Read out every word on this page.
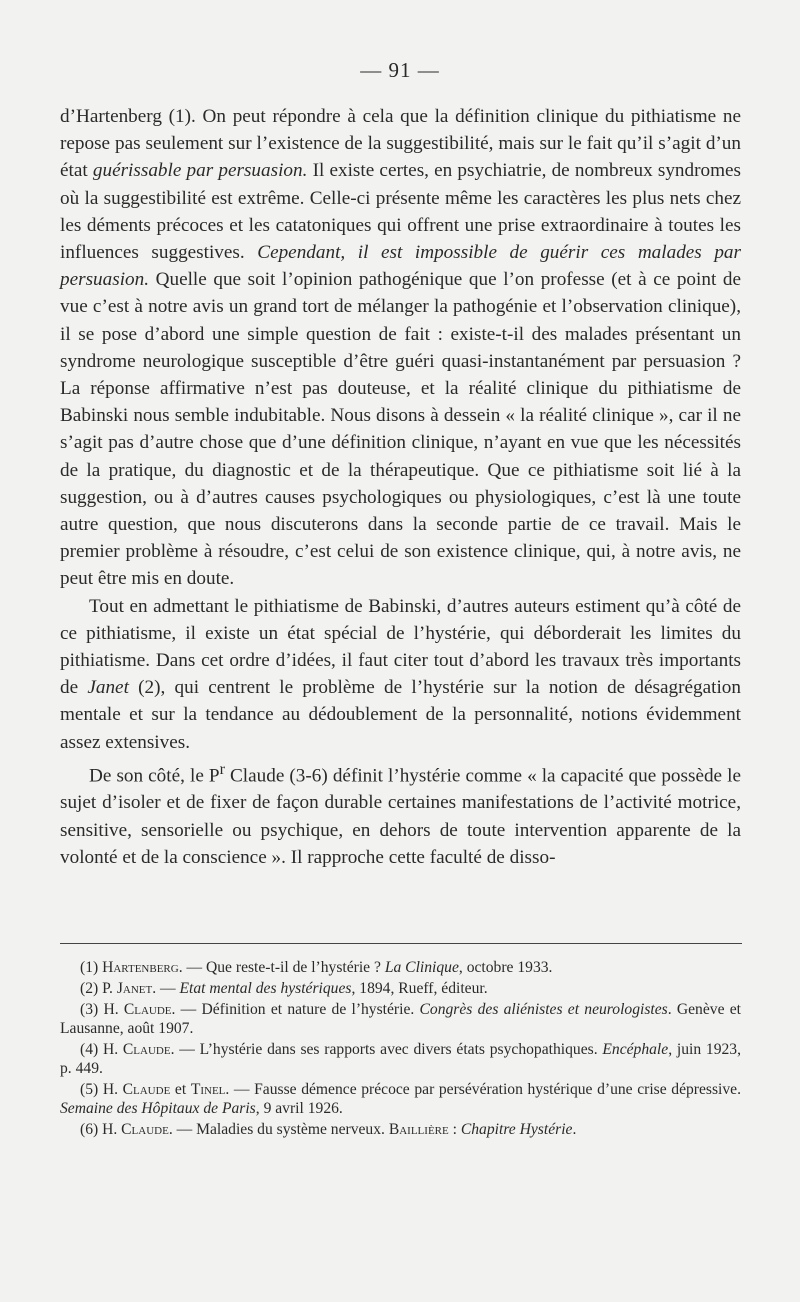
— 91 —

d’Hartenberg (1). On peut répondre à cela que la définition clinique du pithiatisme ne repose pas seulement sur l’existence de la suggestibilité, mais sur le fait qu’il s’agit d’un état guérissable par persuasion. Il existe certes, en psychiatrie, de nombreux syndromes où la suggestibilité est extrême. Celle-ci présente même les caractères les plus nets chez les déments précoces et les catatoniques qui offrent une prise extraordinaire à toutes les influences suggestives. Cependant, il est impossible de guérir ces malades par persuasion. Quelle que soit l’opinion pathogénique que l’on professe (et à ce point de vue c’est à notre avis un grand tort de mélanger la pathogénie et l’observation clinique), il se pose d’abord une simple question de fait : existe-t-il des malades présentant un syndrome neurologique susceptible d’être guéri quasi-instantanément par persuasion ? La réponse affirmative n’est pas douteuse, et la réalité clinique du pithiatisme de Babinski nous semble indubitable. Nous disons à dessein « la réalité clinique », car il ne s’agit pas d’autre chose que d’une définition clinique, n’ayant en vue que les nécessités de la pratique, du diagnostic et de la thérapeutique. Que ce pithiatisme soit lié à la suggestion, ou à d’autres causes psychologiques ou physiologiques, c’est là une toute autre question, que nous discuterons dans la seconde partie de ce travail. Mais le premier problème à résoudre, c’est celui de son existence clinique, qui, à notre avis, ne peut être mis en doute.

Tout en admettant le pithiatisme de Babinski, d’autres auteurs estiment qu’à côté de ce pithiatisme, il existe un état spécial de l’hystérie, qui déborderait les limites du pithiatisme. Dans cet ordre d’idées, il faut citer tout d’abord les travaux très importants de Janet (2), qui centrent le problème de l’hystérie sur la notion de désagrégation mentale et sur la tendance au dédoublement de la personnalité, notions évidemment assez extensives.

De son côté, le $P^r$ Claude (3-6) définit l’hystérie comme « la capacité que possède le sujet d’isoler et de fixer de façon durable certaines manifestations de l’activité motrice, sensitive, sensorielle ou psychique, en dehors de toute intervention apparente de la volonté et de la conscience ». Il rapproche cette faculté de disso-

(1) Hartenberg. — Que reste-t-il de l’hystérie ? La Clinique, octobre 1933.

(2) P. Janet. — Etat mental des hystériques, 1894, Rueff, éditeur.

(3) H. Claude. — Définition et nature de l’hystérie. Congrès des aliénistes et neurologistes. Genève et Lausanne, août 1907.

(4) H. Claude. — L’hystérie dans ses rapports avec divers états psychopathiques. Encéphale, juin 1923, p. 449.

(5) H. Claude et Tinel. — Fausse démence précoce par persévération hystérique d’une crise dépressive. Semaine des Hôpitaux de Paris, 9 avril 1926.

(6) H. Claude. — Maladies du système nerveux. Baillière : Chapitre Hystérie.
